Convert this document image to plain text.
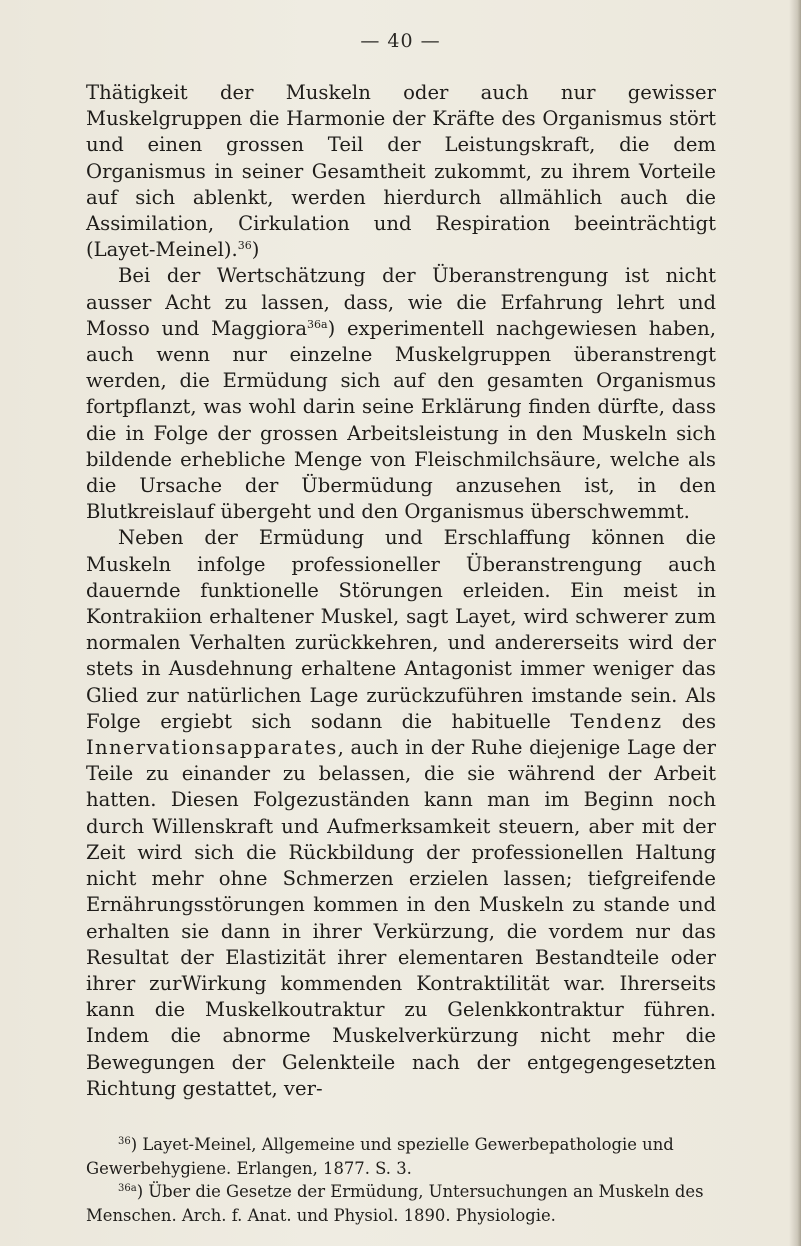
— 40 —

Thätigkeit der Muskeln oder auch nur gewisser Muskelgruppen die Harmonie der Kräfte des Organismus stört und einen grossen Teil der Leistungskraft, die dem Organismus in seiner Gesamtheit zukommt, zu ihrem Vorteile auf sich ablenkt, werden hierdurch allmählich auch die Assimilation, Cirkulation und Respiration beeinträchtigt (Layet-Meinel).$^{36}$)

Bei der Wertschätzung der Überanstrengung ist nicht ausser Acht zu lassen, dass, wie die Erfahrung lehrt und Mosso und Maggiora$^{36a}$) experimentell nachgewiesen haben, auch wenn nur einzelne Muskelgruppen überanstrengt werden, die Ermüdung sich auf den gesamten Organismus fortpflanzt, was wohl darin seine Erklärung finden dürfte, dass die in Folge der grossen Arbeitsleistung in den Muskeln sich bildende erhebliche Menge von Fleischmilchsäure, welche als die Ursache der Übermüdung anzusehen ist, in den Blutkreislauf übergeht und den Organismus überschwemmt.

Neben der Ermüdung und Erschlaffung können die Muskeln infolge professioneller Überanstrengung auch dauernde funktionelle Störungen erleiden. Ein meist in Kontrakiion erhaltener Muskel, sagt Layet, wird schwerer zum normalen Verhalten zurückkehren, und andererseits wird der stets in Ausdehnung erhaltene Antagonist immer weniger das Glied zur natürlichen Lage zurückzuführen imstande sein. Als Folge ergiebt sich sodann die habituelle Tendenz des Innervationsapparates, auch in der Ruhe diejenige Lage der Teile zu einander zu belassen, die sie während der Arbeit hatten. Diesen Folgezuständen kann man im Beginn noch durch Willenskraft und Aufmerksamkeit steuern, aber mit der Zeit wird sich die Rückbildung der professionellen Haltung nicht mehr ohne Schmerzen erzielen lassen; tiefgreifende Ernährungsstörungen kommen in den Muskeln zu stande und erhalten sie dann in ihrer Verkürzung, die vordem nur das Resultat der Elastizität ihrer elementaren Bestandteile oder ihrer zurWirkung kommenden Kontraktilität war. Ihrerseits kann die Muskelkoutraktur zu Gelenkkontraktur führen. Indem die abnorme Muskelverkürzung nicht mehr die Bewegungen der Gelenkteile nach der entgegengesetzten Richtung gestattet, ver-

$^{36}$) Layet-Meinel, Allgemeine und spezielle Gewerbepathologie und Gewerbehygiene. Erlangen, 1877. S. 3.

$^{36a}$) Über die Gesetze der Ermüdung, Untersuchungen an Muskeln des Menschen. Arch. f. Anat. und Physiol. 1890. Physiologie.
